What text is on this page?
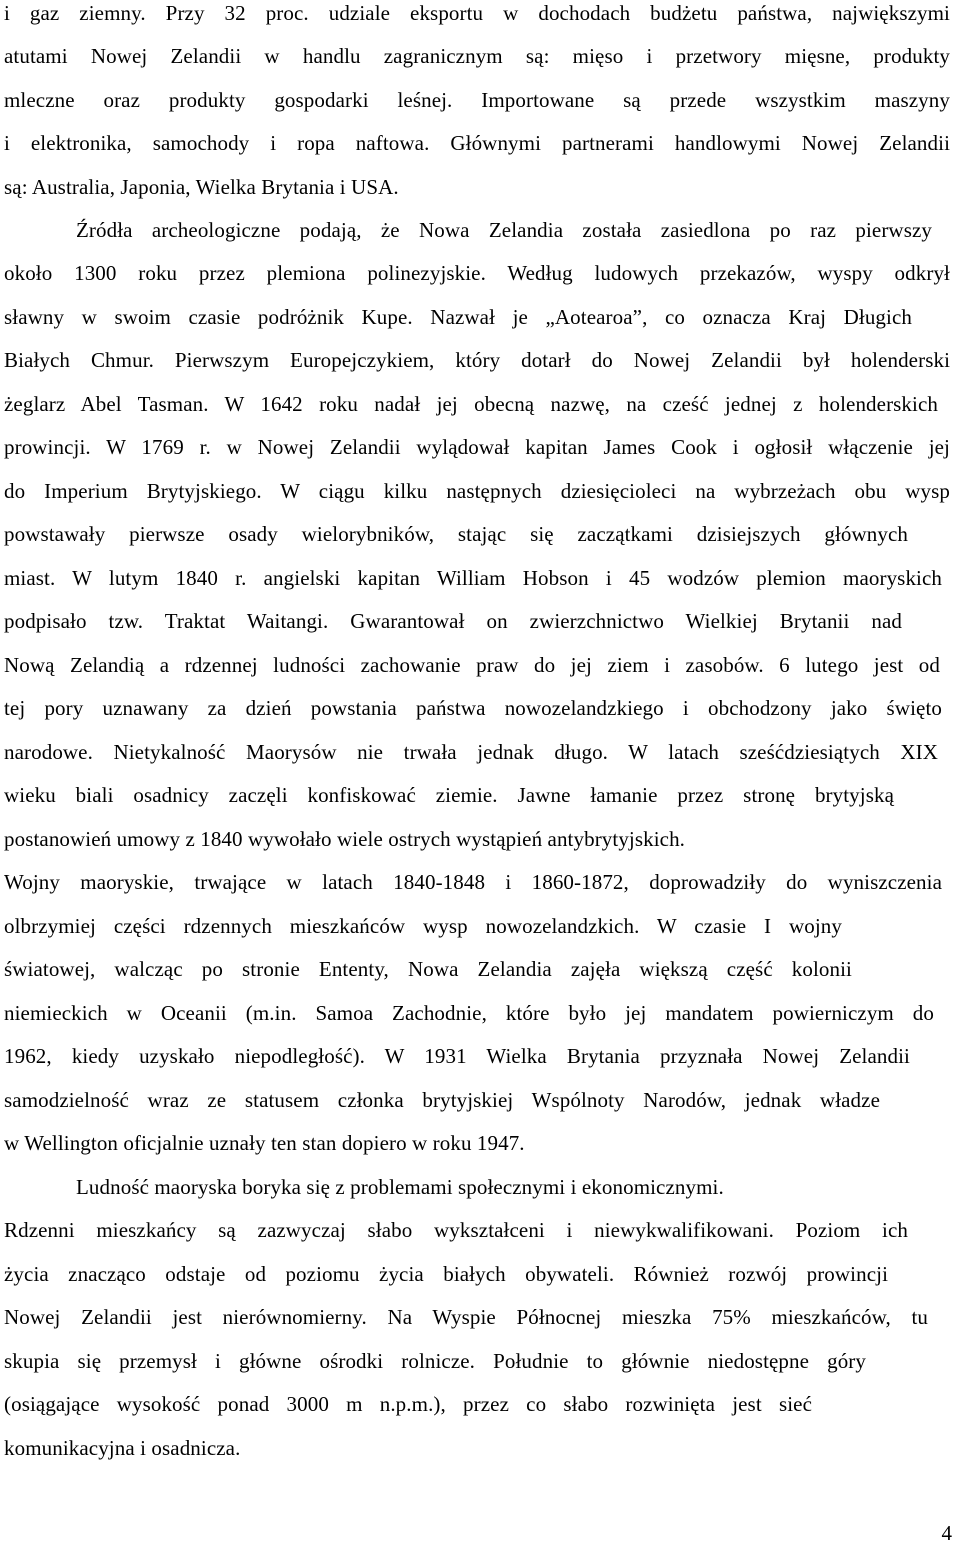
i gaz ziemny. Przy 32 proc. udziale eksportu w dochodach budżetu państwa, największymi
atutami Nowej Zelandii w handlu zagranicznym są: mięso i przetwory mięsne, produkty
mleczne oraz produkty gospodarki leśnej. Importowane są przede wszystkim maszyny
i elektronika, samochody i ropa naftowa. Głównymi partnerami handlowymi Nowej Zelandii
są: Australia, Japonia, Wielka Brytania i USA.
Źródła archeologiczne podają, że Nowa Zelandia została zasiedlona po raz pierwszy
około 1300 roku przez plemiona polinezyjskie. Według ludowych przekazów, wyspy odkrył
sławny w swoim czasie podróżnik Kupe. Nazwał je „Aotearoa”, co oznacza Kraj Długich
Białych Chmur. Pierwszym Europejczykiem, który dotarł do Nowej Zelandii był holenderski
żeglarz Abel Tasman. W 1642 roku nadał jej obecną nazwę, na cześć jednej z holenderskich
prowincji. W 1769 r. w Nowej Zelandii wylądował kapitan James Cook i ogłosił włączenie jej
do Imperium Brytyjskiego. W ciągu kilku następnych dziesięcioleci na wybrzeżach obu wysp
powstawały pierwsze osady wielorybników, stając się zaczątkami dzisiejszych głównych
miast. W lutym 1840 r. angielski kapitan William Hobson i 45 wodzów plemion maoryskich
podpisało tzw. Traktat Waitangi. Gwarantował on zwierzchnictwo Wielkiej Brytanii nad
Nową Zelandią a rdzennej ludności zachowanie praw do jej ziem i zasobów. 6 lutego jest od
tej pory uznawany za dzień powstania państwa nowozelandzkiego i obchodzony jako święto
narodowe. Nietykalność Maorysów nie trwała jednak długo. W latach sześćdziesiątych XIX
wieku biali osadnicy zaczęli konfiskować ziemie. Jawne łamanie przez stronę brytyjską
postanowień umowy z 1840 wywołało wiele ostrych wystąpień antybrytyjskich.
Wojny maoryskie, trwające w latach 1840-1848 i 1860-1872, doprowadziły do wyniszczenia
olbrzymiej części rdzennych mieszkańców wysp nowozelandzkich. W czasie I wojny
światowej, walcząc po stronie Ententy, Nowa Zelandia zajęła większą część kolonii
niemieckich w Oceanii (m.in. Samoa Zachodnie, które było jej mandatem powierniczym do
1962, kiedy uzyskało niepodległość). W 1931 Wielka Brytania przyznała Nowej Zelandii
samodzielność wraz ze statusem członka brytyjskiej Wspólnoty Narodów, jednak władze
w Wellington oficjalnie uznały ten stan dopiero w roku 1947.
Ludność maoryska boryka się z problemami społecznymi i ekonomicznymi.
Rdzenni mieszkańcy są zazwyczaj słabo wykształceni i niewykwalifikowani. Poziom ich
życia znacząco odstaje od poziomu życia białych obywateli. Również rozwój prowincji
Nowej Zelandii jest nierównomierny. Na Wyspie Północnej mieszka 75% mieszkańców, tu
skupia się przemysł i główne ośrodki rolnicze. Południe to głównie niedostępne góry
(osiągające wysokość ponad 3000 m n.p.m.), przez co słabo rozwinięta jest sieć
komunikacyjna i osadnicza.
4
